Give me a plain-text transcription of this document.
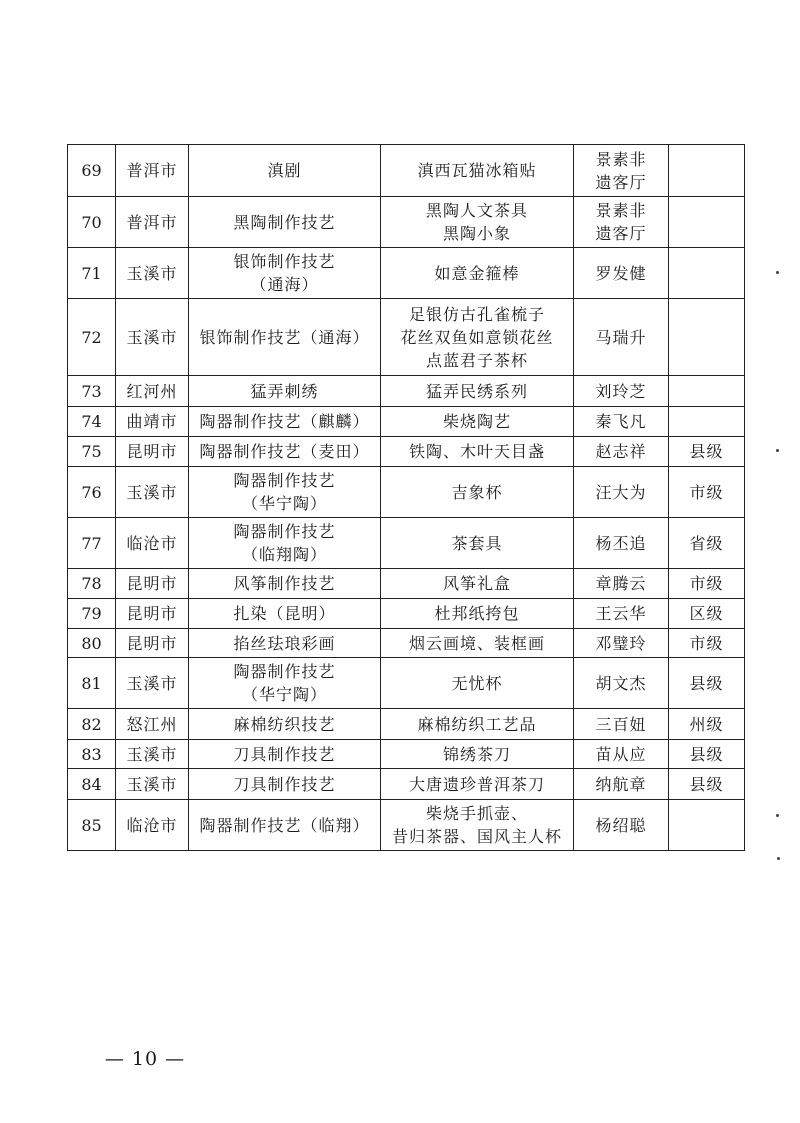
69	普洱市	滇剧	滇西瓦猫冰箱贴	景素非
遗客厅	

70	普洱市	黑陶制作技艺	黑陶人文茶具
黑陶小象	景素非
遗客厅	

71	玉溪市	银饰制作技艺
（通海）	如意金箍棒	罗发健	

72	玉溪市	银饰制作技艺（通海）	足银仿古孔雀梳子
花丝双鱼如意锁花丝
点蓝君子茶杯	马瑞升	

73	红河州	猛弄刺绣	猛弄民绣系列	刘玲芝	

74	曲靖市	陶器制作技艺（麒麟）	柴烧陶艺	秦飞凡	

75	昆明市	陶器制作技艺（麦田）	铁陶、木叶天目盏	赵志祥	县级
76	玉溪市	陶器制作技艺
（华宁陶）	吉象杯	汪大为	市级
77	临沧市	陶器制作技艺
（临翔陶）	茶套具	杨丕追	省级
78	昆明市	风筝制作技艺	风筝礼盒	章腾云	市级
79	昆明市	扎染（昆明）	杜邦纸挎包	王云华	区级
80	昆明市	掐丝珐琅彩画	烟云画境、装框画	邓璧玲	市级
81	玉溪市	陶器制作技艺
（华宁陶）	无忧杯	胡文杰	县级
82	怒江州	麻棉纺织技艺	麻棉纺织工艺品	三百妞	州级
83	玉溪市	刀具制作技艺	锦绣茶刀	苗从应	县级
84	玉溪市	刀具制作技艺	大唐遗珍普洱茶刀	纳航章	县级
85	临沧市	陶器制作技艺（临翔）	柴烧手抓壶、
昔归茶器、国风主人杯	杨绍聪	

— 10 —
